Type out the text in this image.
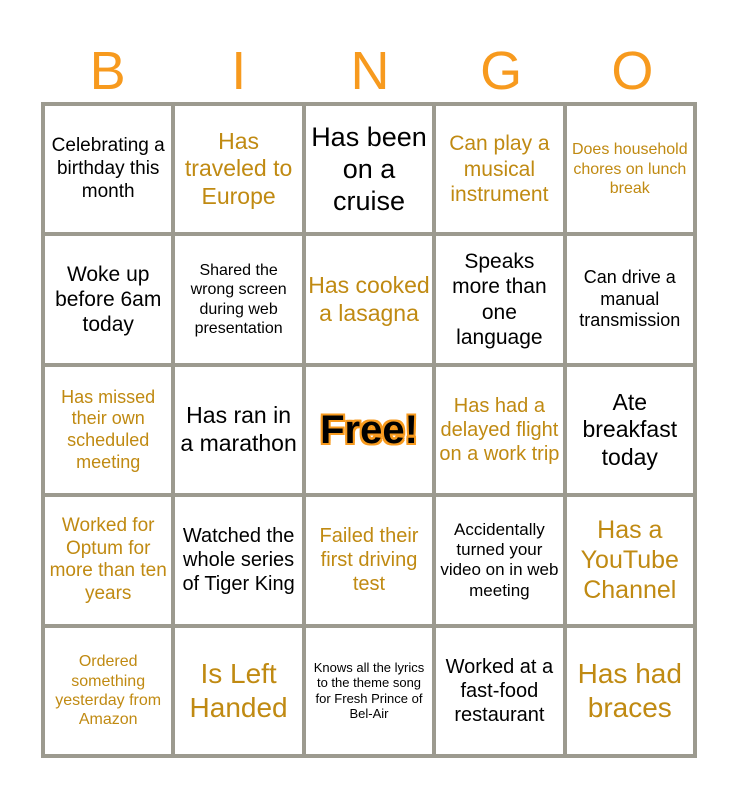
B	I	N	G	O
Celebrating a birthday this month
Has traveled to Europe
Has been on a cruise
Can play a musical instrument
Does household chores on lunch break
Woke up before 6am today
Shared the wrong screen during web presentation
Has cooked a lasagna
Speaks more than one language
Can drive a manual transmission
Has missed their own scheduled meeting
Has ran in a marathon Free!
Has had a delayed flight on a work trip
Ate breakfast today
Worked for Optum for more than ten years
Watched the whole series of Tiger King
Failed their first driving test
Accidentally turned your video on in web meeting
Has a YouTube Channel
Ordered something yesterday from Amazon
Is Left Handed
Knows all the lyrics to the theme song for Fresh Prince of Bel-Air
Worked at a fast-food restaurant
Has had braces
